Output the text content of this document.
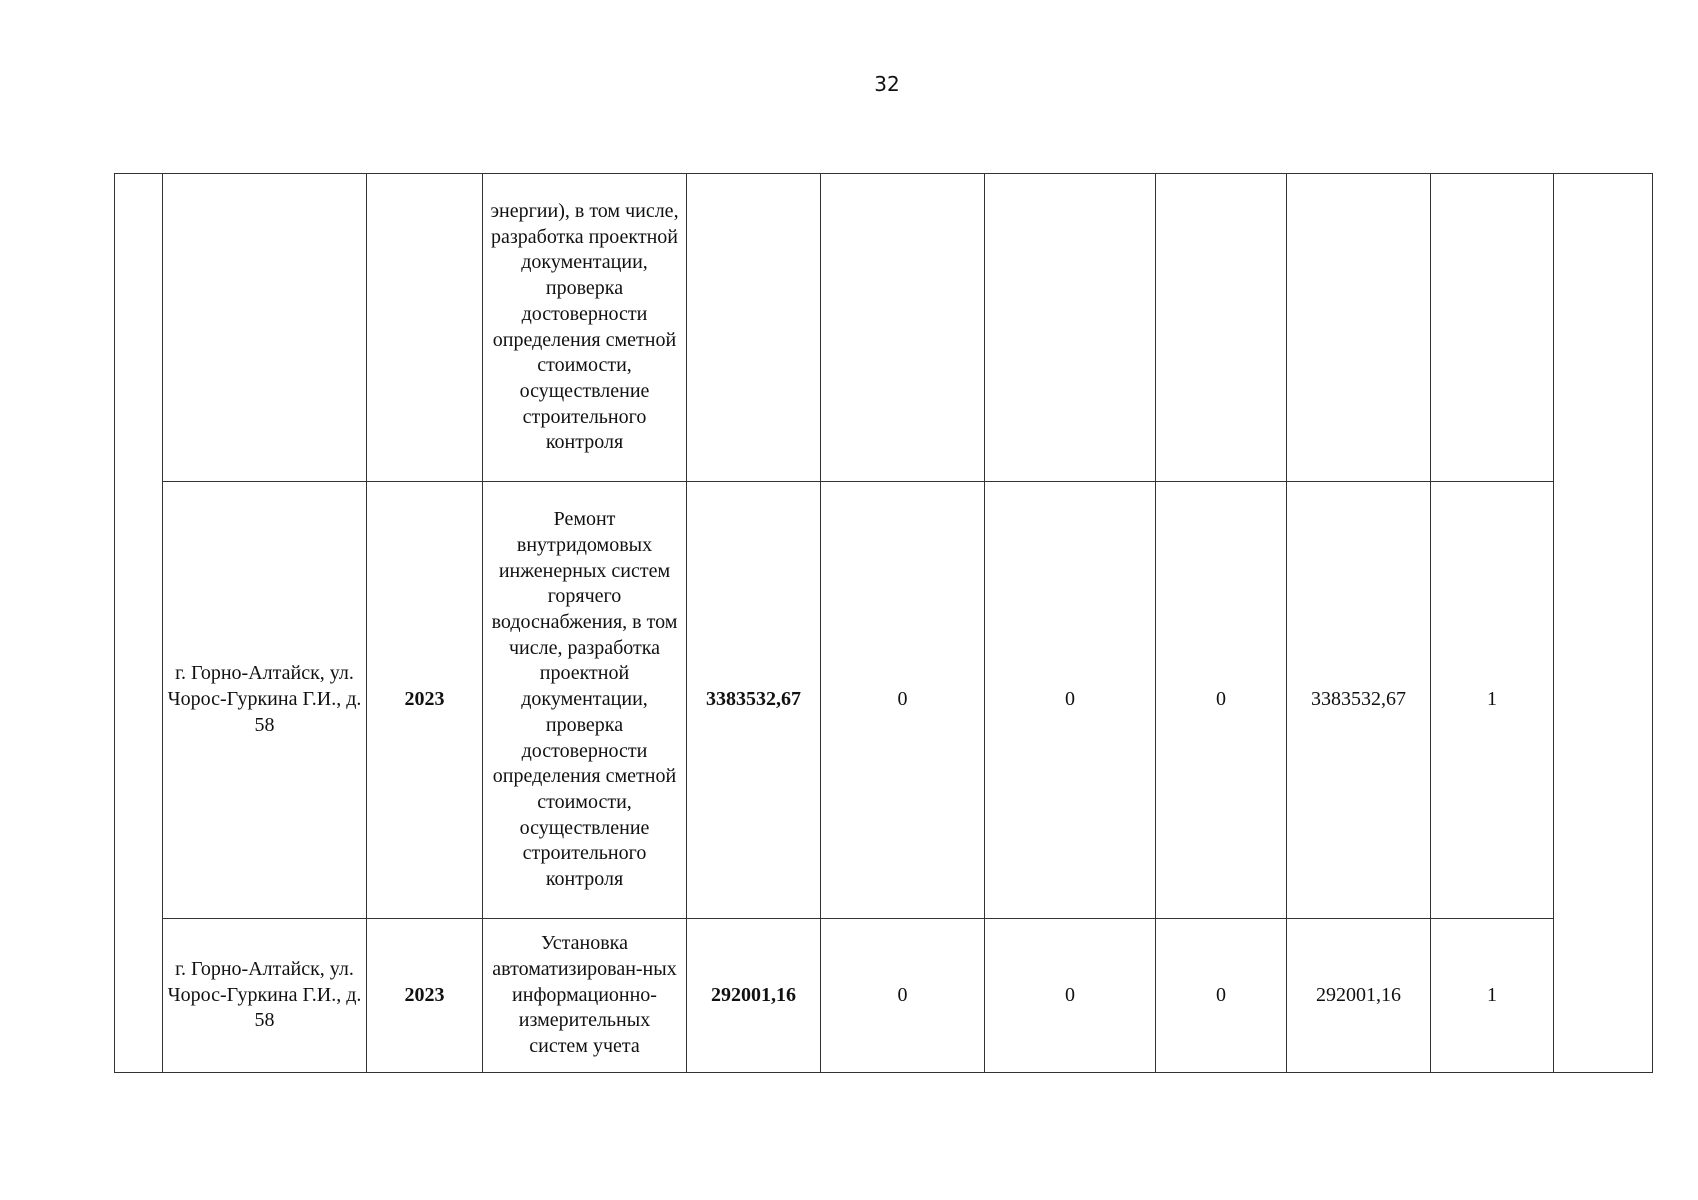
32
			энергии), в том числе, разработка проектной документации, проверка достоверности определения сметной стоимости, осуществление строительного контроля							
	г. Горно-Алтайск, ул. Чорос-Гуркина Г.И., д. 58	2023	Ремонт внутридомовых инженерных систем горячего водоснабжения, в том числе, разработка проектной документации, проверка достоверности определения сметной стоимости, осуществление строительного контроля	3383532,67	0	0	0	3383532,67	1	
	г. Горно-Алтайск, ул. Чорос-Гуркина Г.И., д. 58	2023	Установка автоматизирован-ных информационно-измерительных систем учета	292001,16	0	0	0	292001,16	1	
